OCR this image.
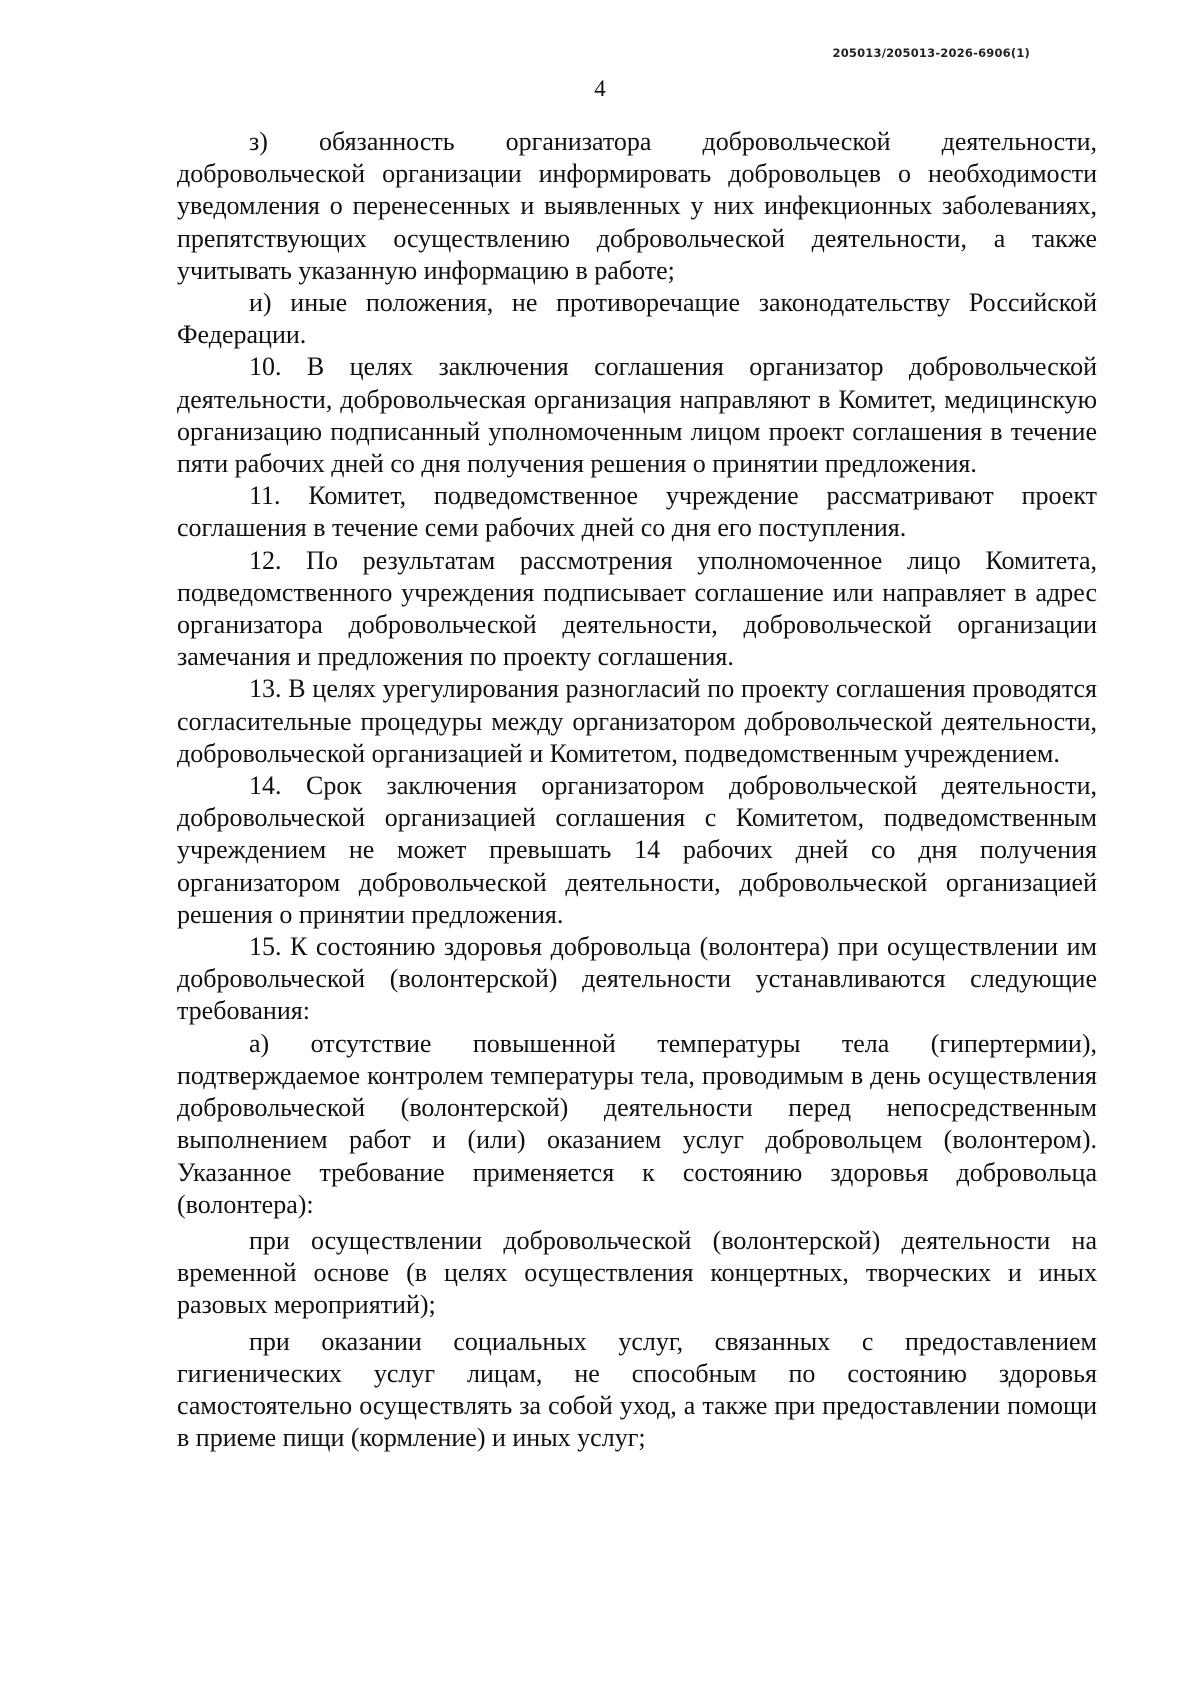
205013/205013-2026-6906(1)
4

з) обязанность организатора добровольческой деятельности, добровольческой организации информировать добровольцев о необходимости уведомления о перенесенных и выявленных у них инфекционных заболеваниях, препятствующих осуществлению добровольческой деятельности, а также учитывать указанную информацию в работе;

и) иные положения, не противоречащие законодательству Российской Федерации.

10. В целях заключения соглашения организатор добровольческой деятельности, добровольческая организация направляют в Комитет, медицинскую организацию подписанный уполномоченным лицом проект соглашения в течение пяти рабочих дней со дня получения решения о принятии предложения.

11. Комитет, подведомственное учреждение рассматривают проект соглашения в течение семи рабочих дней со дня его поступления.

12. По результатам рассмотрения уполномоченное лицо Комитета, подведомственного учреждения подписывает соглашение или направляет в адрес организатора добровольческой деятельности, добровольческой организации замечания и предложения по проекту соглашения.

13. В целях урегулирования разногласий по проекту соглашения проводятся согласительные процедуры между организатором добровольческой деятельности, добровольческой организацией и Комитетом, подведомственным учреждением.

14. Срок заключения организатором добровольческой деятельности, добровольческой организацией соглашения с Комитетом, подведомственным учреждением не может превышать 14 рабочих дней со дня получения организатором добровольческой деятельности, добровольческой организацией решения о принятии предложения.

15. К состоянию здоровья добровольца (волонтера) при осуществлении им добровольческой (волонтерской) деятельности устанавливаются следующие требования:

а) отсутствие повышенной температуры тела (гипертермии), подтверждаемое контролем температуры тела, проводимым в день осуществления добровольческой (волонтерской) деятельности перед непосредственным выполнением работ и (или) оказанием услуг добровольцем (волонтером). Указанное требование применяется к состоянию здоровья добровольца (волонтера):

при осуществлении добровольческой (волонтерской) деятельности на временной основе (в целях осуществления концертных, творческих и иных разовых мероприятий);

при оказании социальных услуг, связанных с предоставлением гигиенических услуг лицам, не способным по состоянию здоровья самостоятельно осуществлять за собой уход, а также при предоставлении помощи в приеме пищи (кормление) и иных услуг;
